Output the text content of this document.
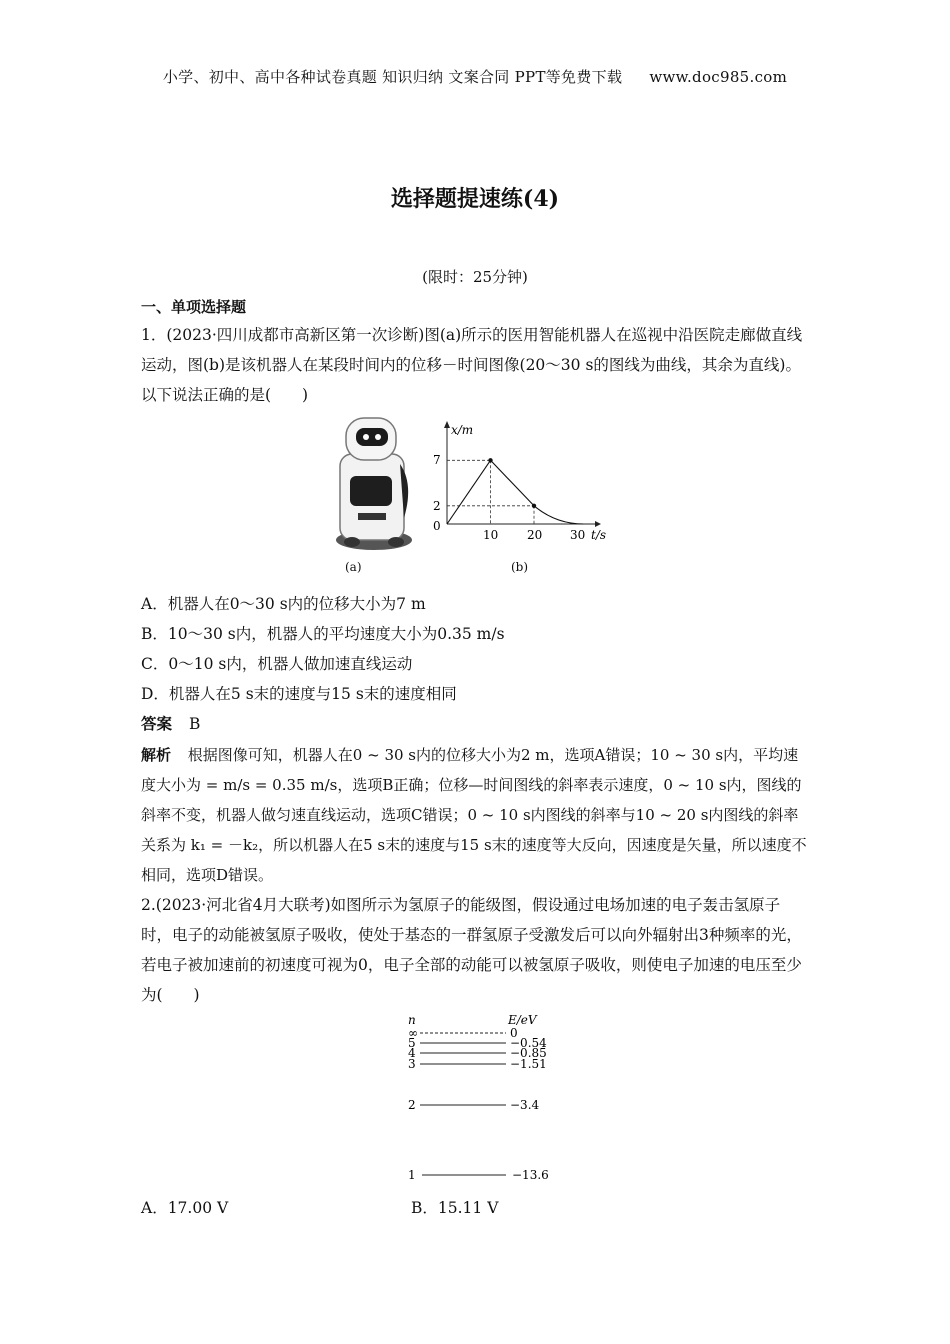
小学、初中、高中各种试卷真题 知识归纳 文案合同 PPT等免费下载 www.doc985.com
选择题提速练(4)
(限时：25分钟)
一、单项选择题
1．(2023·四川成都市高新区第一次诊断)图(a)所示的医用智能机器人在巡视中沿医院走廊做直线运动，图(b)是该机器人在某段时间内的位移－时间图像(20～30 s的图线为曲线，其余为直线)。以下说法正确的是(　　)
(a)
x/m
t/s
7
2
0
10 20 30
(b)
A．机器人在0～30 s内的位移大小为7 m
B．10～30 s内，机器人的平均速度大小为0.35 m/s
C．0～10 s内，机器人做加速直线运动
D．机器人在5 s末的速度与15 s末的速度相同
答案 B
解析 根据图像可知，机器人在0 ~ 30 s内的位移大小为2 m，选项A错误；10 ~ 30 s内，平均速度大小为 = m/s = 0.35 m/s，选项B正确；位移—时间图线的斜率表示速度，0 ~ 10 s内，图线的斜率不变，机器人做匀速直线运动，选项C错误；0 ~ 10 s内图线的斜率与10 ~ 20 s内图线的斜率关系为 k₁ = －k₂，所以机器人在5 s末的速度与15 s末的速度等大反向，因速度是矢量，所以速度不相同，选项D错误。
2.(2023·河北省4月大联考)如图所示为氢原子的能级图，假设通过电场加速的电子轰击氢原子时，电子的动能被氢原子吸收，使处于基态的一群氢原子受激发后可以向外辐射出3种频率的光，若电子被加速前的初速度可视为0，电子全部的动能可以被氢原子吸收，则使电子加速的电压至少为(　　)
n	E/eV
∞	0
5	−0.54
4	−0.85
3	−1.51
2	−3.4
1	−13.6
A．17.00 V	B．15.11 V
